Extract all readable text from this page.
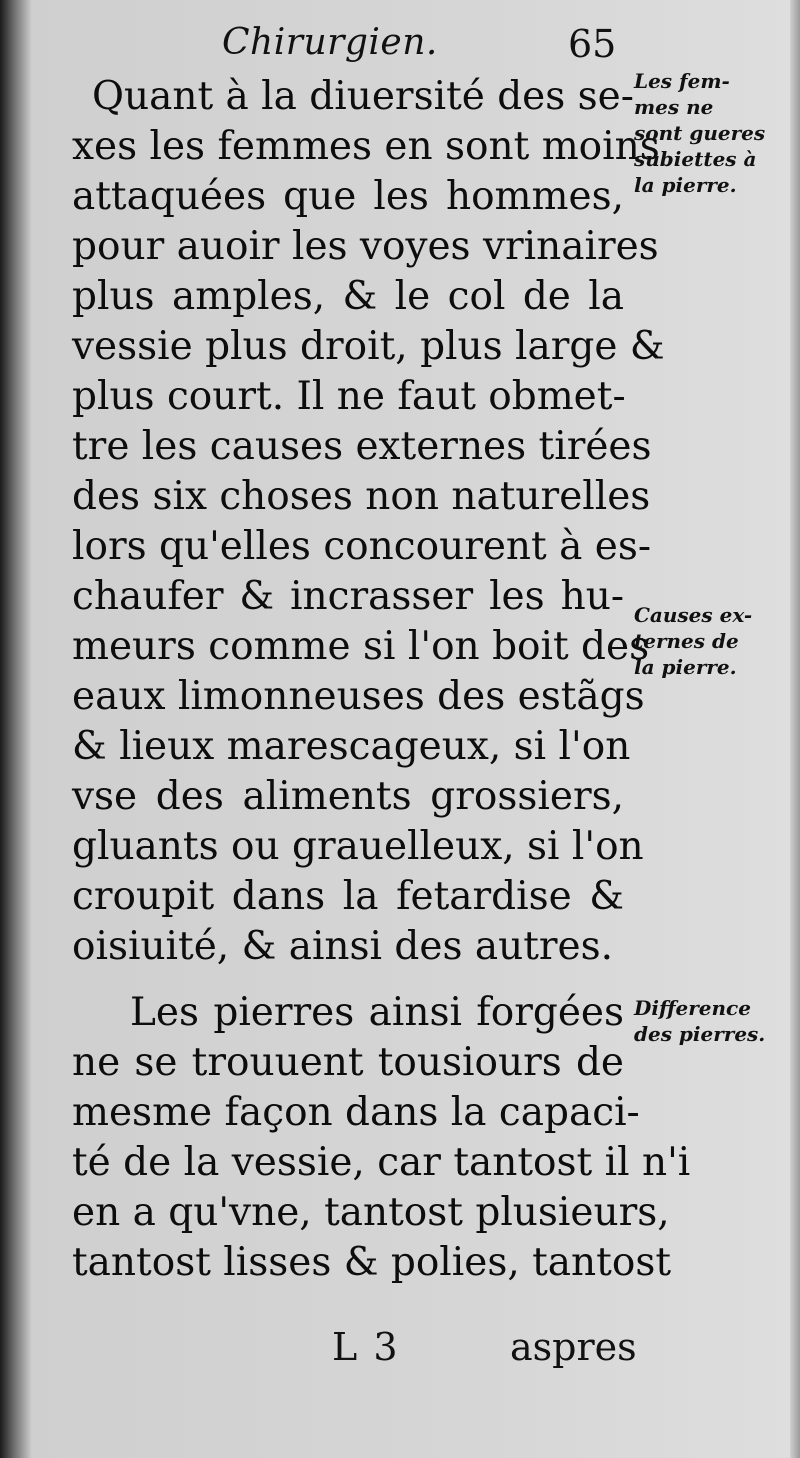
Chirurgien.	65
Quant à la diuersité des se-
xes les femmes en sont moins
attaquées que les hommes,
pour auoir les voyes vrinaires
plus amples, & le col de la
vessie plus droit, plus large &
plus court. Il ne faut obmet-
tre les causes externes tirées
des six choses non naturelles
lors qu'elles concourent à es-
chaufer & incrasser les hu-
meurs comme si l'on boit des
eaux limonneuses des estãgs
& lieux marescageux, si l'on
vse des aliments grossiers,
gluants ou grauelleux, si l'on
croupit dans la fetardise &
oisiuité, & ainsi des autres.
Les pierres ainsi forgées
ne se trouuent tousiours de
mesme façon dans la capaci-
té de la vessie, car tantost il n'i
en a qu'vne, tantost plusieurs,
tantost lisses & polies, tantost
Les fem-
mes ne
sont gueres
subiettes à
la pierre.
Causes ex-
ternes de
la pierre.
Difference
des pierres.
L 3	aspres
